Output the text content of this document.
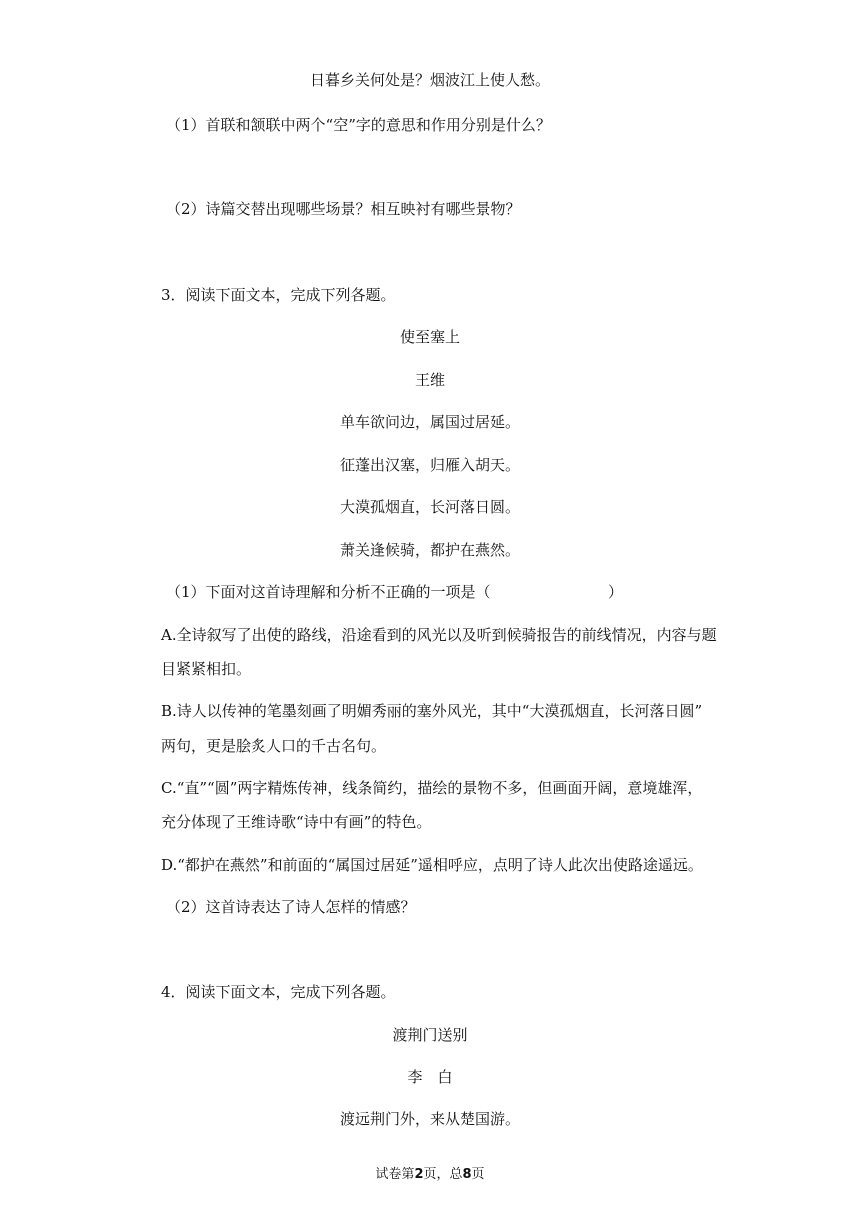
日暮乡关何处是？烟波江上使人愁。
（1）首联和颔联中两个“空”字的意思和作用分别是什么？
（2）诗篇交替出现哪些场景？相互映衬有哪些景物？
3．阅读下面文本，完成下列各题。
使至塞上
王维
单车欲问边，属国过居延。
征蓬出汉塞，归雁入胡天。
大漠孤烟直，长河落日圆。
萧关逢候骑，都护在燕然。
（1）下面对这首诗理解和分析不正确的一项是（	）
A.全诗叙写了出使的路线，沿途看到的风光以及听到候骑报告的前线情况，内容与题
目紧紧相扣。
B.诗人以传神的笔墨刻画了明媚秀丽的塞外风光，其中“大漠孤烟直，长河落日圆”
两句，更是脍炙人口的千古名句。
C.“直”“圆”两字精炼传神，线条简约，描绘的景物不多，但画面开阔，意境雄浑，
充分体现了王维诗歌“诗中有画”的特色。
D.“都护在燕然”和前面的“属国过居延”遥相呼应，点明了诗人此次出使路途遥远。
（2）这首诗表达了诗人怎样的情感？
4．阅读下面文本，完成下列各题。
渡荆门送别
李　白
渡远荆门外，来从楚国游。
试卷第2页，总8页
